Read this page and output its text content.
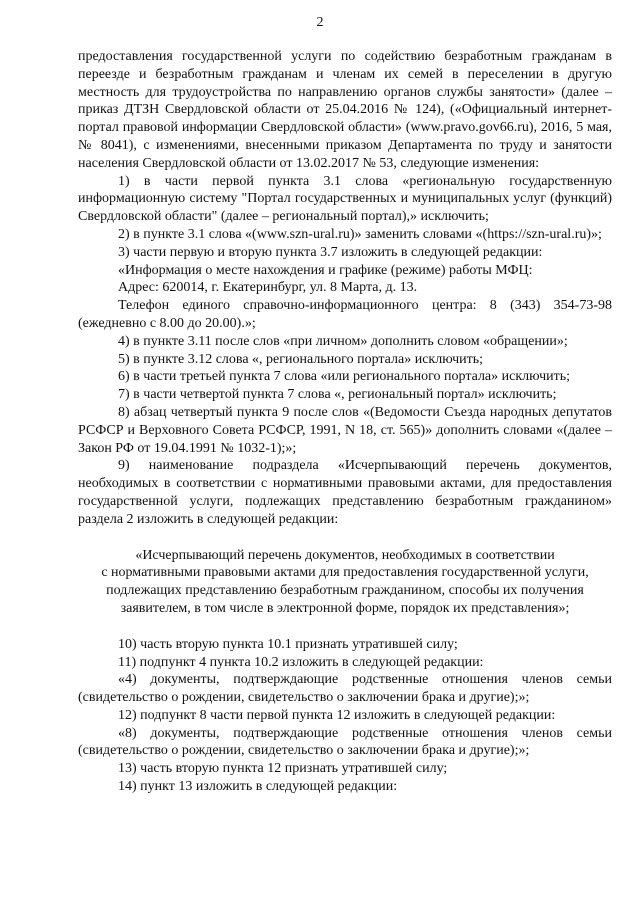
2

предоставления государственной услуги по содействию безработным гражданам в переезде и безработным гражданам и членам их семей в переселении в другую местность для трудоустройства по направлению органов службы занятости» (далее – приказ ДТЗН Свердловской области от 25.04.2016 № 124), («Официальный интернет-портал правовой информации Свердловской области» (www.pravo.gov66.ru), 2016, 5 мая, № 8041), с изменениями, внесенными приказом Департамента по труду и занятости населения Свердловской области от 13.02.2017 № 53, следующие изменения:

1) в части первой пункта 3.1 слова «региональную государственную информационную систему "Портал государственных и муниципальных услуг (функций) Свердловской области" (далее – региональный портал),» исключить;

2) в пункте 3.1 слова «(www.szn-ural.ru)» заменить словами «(https://szn-ural.ru)»;

3) части первую и вторую пункта 3.7 изложить в следующей редакции:

«Информация о месте нахождения и графике (режиме) работы МФЦ:

Адрес: 620014, г. Екатеринбург, ул. 8 Марта, д. 13.

Телефон единого справочно-информационного центра: 8 (343) 354-73-98 (ежедневно с 8.00 до 20.00).»;

4) в пункте 3.11 после слов «при личном» дополнить словом «обращении»;

5) в пункте 3.12 слова «, регионального портала» исключить;

6) в части третьей пункта 7 слова «или регионального портала» исключить;

7) в части четвертой пункта 7 слова «, региональный портал» исключить;

8) абзац четвертый пункта 9 после слов «(Ведомости Съезда народных депутатов РСФСР и Верховного Совета РСФСР, 1991, N 18, ст. 565)» дополнить словами «(далее – Закон РФ от 19.04.1991 № 1032-1);»;

9) наименование подраздела «Исчерпывающий перечень документов, необходимых в соответствии с нормативными правовыми актами, для предоставления государственной услуги, подлежащих представлению безработным гражданином» раздела 2 изложить в следующей редакции:

«Исчерпывающий перечень документов, необходимых в соответствии

с нормативными правовыми актами для предоставления государственной услуги,

подлежащих представлению безработным гражданином, способы их получения

заявителем, в том числе в электронной форме, порядок их представления»;

10) часть вторую пункта 10.1 признать утратившей силу;

11) подпункт 4 пункта 10.2 изложить в следующей редакции:

«4) документы, подтверждающие родственные отношения членов семьи (свидетельство о рождении, свидетельство о заключении брака и другие);»;

12) подпункт 8 части первой пункта 12 изложить в следующей редакции:

«8) документы, подтверждающие родственные отношения членов семьи (свидетельство о рождении, свидетельство о заключении брака и другие);»;

13) часть вторую пункта 12 признать утратившей силу;

14) пункт 13 изложить в следующей редакции:
